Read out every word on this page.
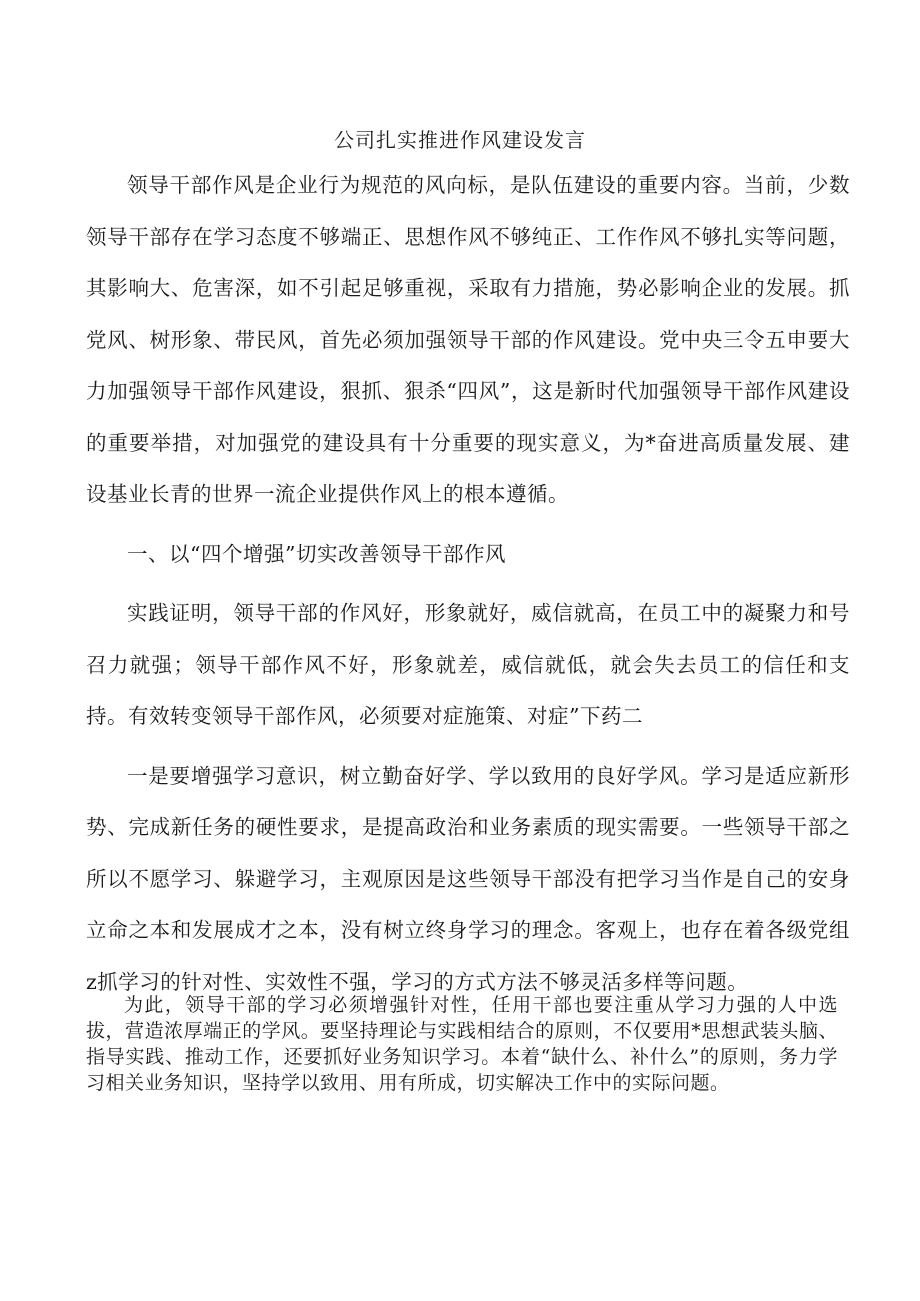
公司扎实推进作风建设发言

领导干部作风是企业行为规范的风向标，是队伍建设的重要内容。当前，少数领导干部存在学习态度不够端正、思想作风不够纯正、工作作风不够扎实等问题，其影响大、危害深，如不引起足够重视，采取有力措施，势必影响企业的发展。抓党风、树形象、带民风，首先必须加强领导干部的作风建设。党中央三令五申要大力加强领导干部作风建设，狠抓、狠杀“四风”，这是新时代加强领导干部作风建设的重要举措，对加强党的建设具有十分重要的现实意义，为*奋进高质量发展、建设基业长青的世界一流企业提供作风上的根本遵循。

一、以“四个增强”切实改善领导干部作风

实践证明，领导干部的作风好，形象就好，威信就高，在员工中的凝聚力和号召力就强；领导干部作风不好，形象就差，威信就低，就会失去员工的信任和支持。有效转变领导干部作风，必须要对症施策、对症”下药二

一是要增强学习意识，树立勤奋好学、学以致用的良好学风。学习是适应新形势、完成新任务的硬性要求，是提高政治和业务素质的现实需要。一些领导干部之所以不愿学习、躲避学习，主观原因是这些领导干部没有把学习当作是自己的安身立命之本和发展成才之本，没有树立终身学习的理念。客观上，也存在着各级党组z抓学习的针对性、实效性不强，学习的方式方法不够灵活多样等问题。

为此，领导干部的学习必须增强针对性，任用干部也要注重从学习力强的人中选拔，营造浓厚端正的学风。要坚持理论与实践相结合的原则，不仅要用*思想武装头脑、指导实践、推动工作，还要抓好业务知识学习。本着“缺什么、补什么”的原则，务力学习相关业务知识，坚持学以致用、用有所成，切实解决工作中的实际问题。
